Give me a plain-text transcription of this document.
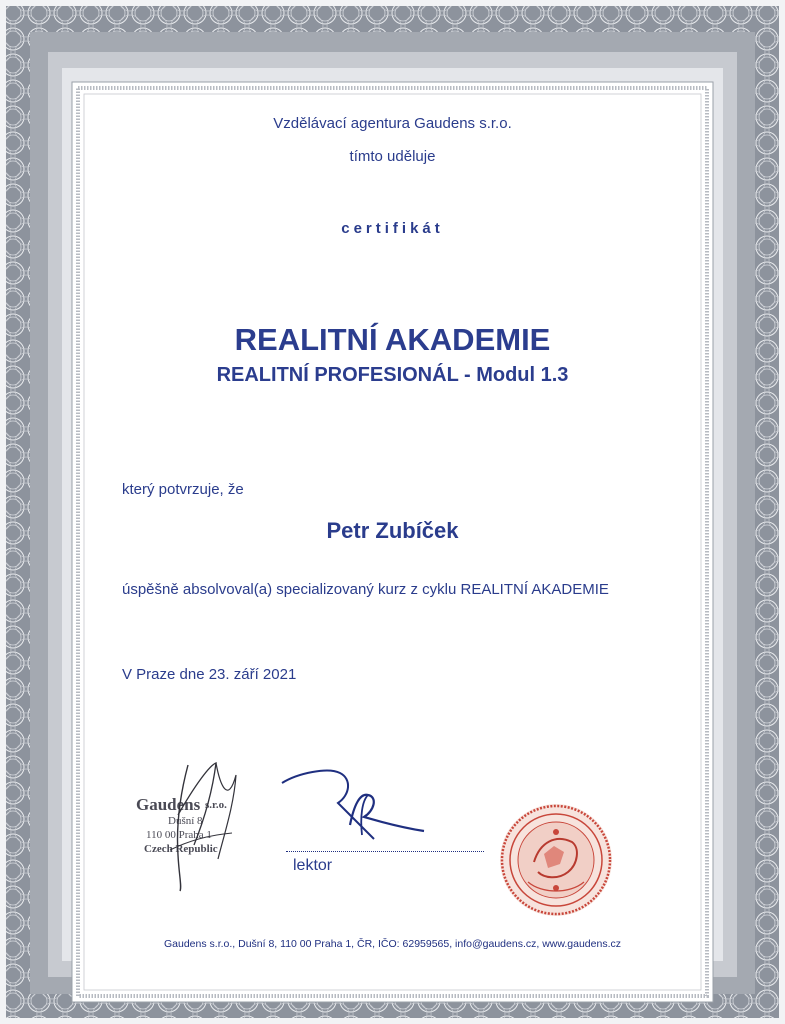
Vzdělávací agentura Gaudens s.r.o.
tímto uděluje
certifikát
REALITNÍ AKADEMIE
REALITNÍ PROFESIONÁL - Modul 1.3
který potvrzuje, že
Petr Zubíček
úspěšně absolvoval(a) specializovaný kurz z cyklu REALITNÍ AKADEMIE
V Praze dne 23. září 2021
Gaudens s.r.o.
Dušní 8
110 00 Praha 1
Czech Republic
lektor
Gaudens s.r.o., Dušní 8, 110 00 Praha 1, ČR, IČO: 62959565, info@gaudens.cz, www.gaudens.cz
